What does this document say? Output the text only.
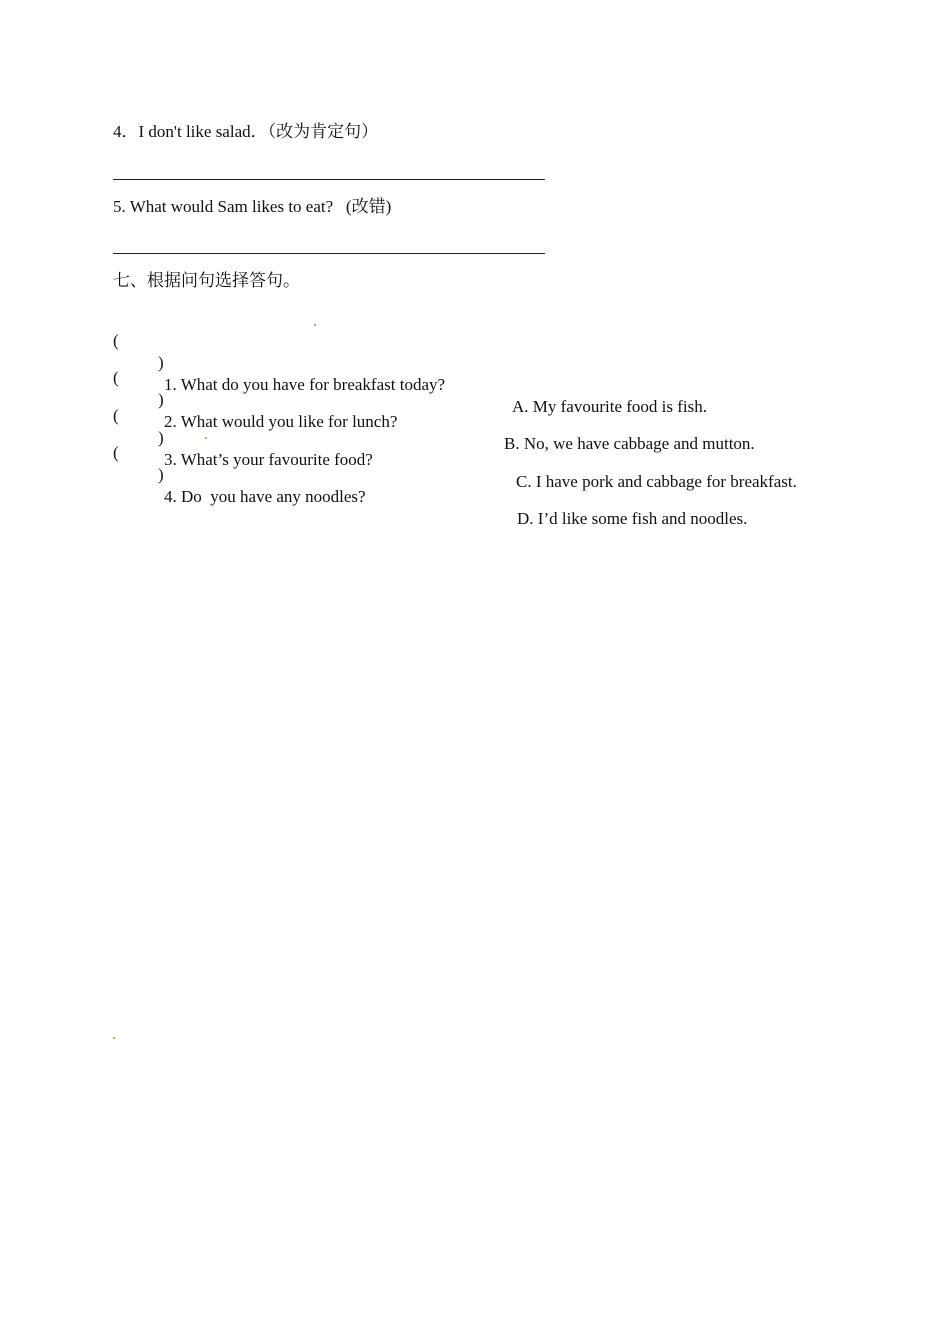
4．I don't like salad．（改为肯定句）
5. What would Sam likes to eat?   (改错)
七、根据问句选择答句。

(

)

1. What do you have for breakfast today?

A. My favourite food is fish.

(

)

2. What would you like for lunch?

B. No, we have cabbage and mutton.

(

)

3. What’s your favourite food?

C. I have pork and cabbage for breakfast.

(

)

4. Do  you have any noodles?

D. I’d like some fish and noodles.
